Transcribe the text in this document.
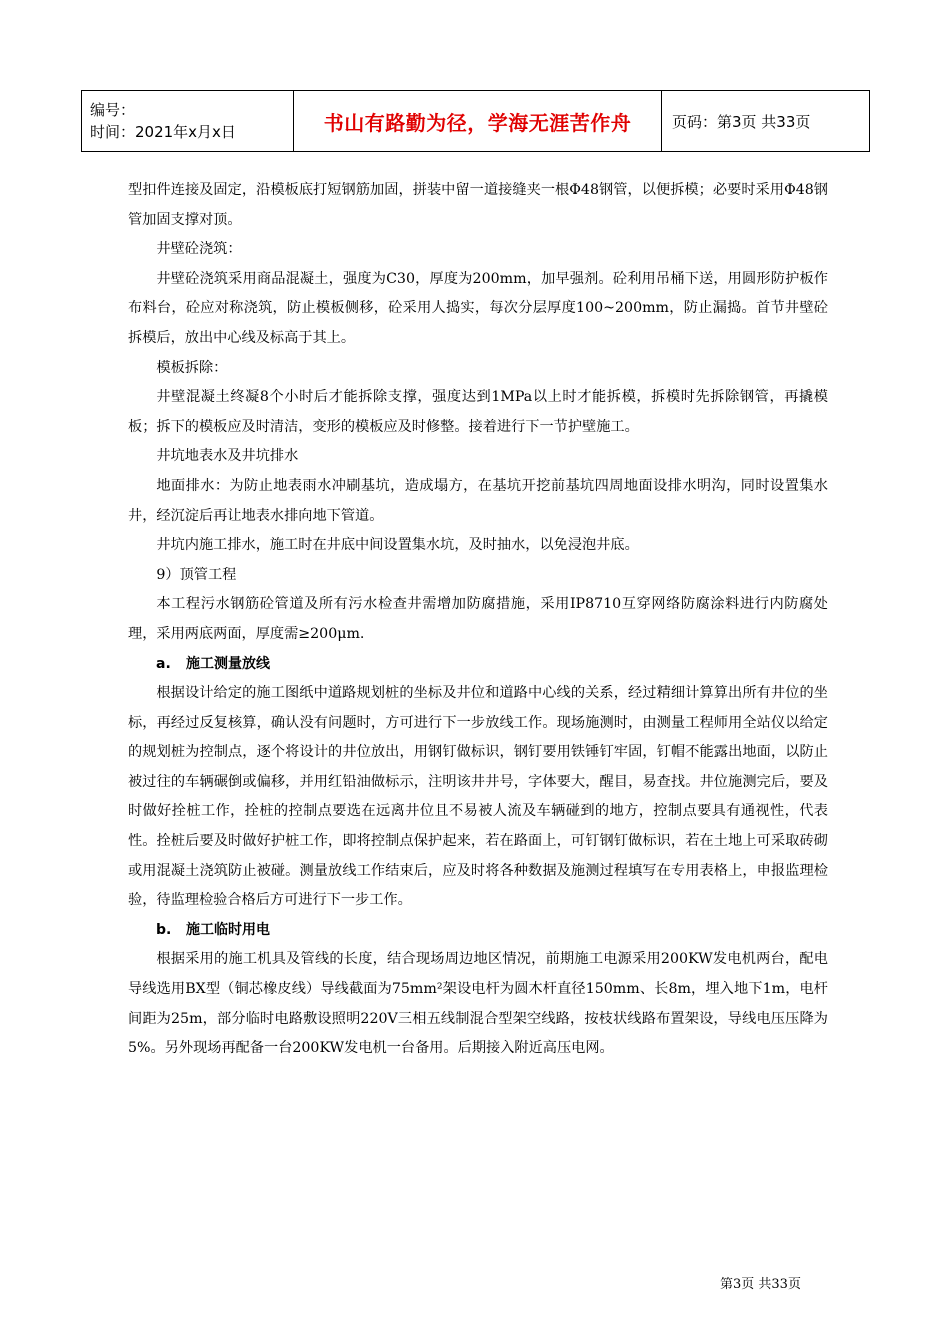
编号：
时间：2021年x月x日	书山有路勤为径，学海无涯苦作舟	页码：第3页 共33页

型扣件连接及固定，沿模板底打短钢筋加固，拼装中留一道接缝夹一根Φ48钢管，以便拆模；必要时采用Φ48钢管加固支撑对顶。

井壁砼浇筑：

井壁砼浇筑采用商品混凝土，强度为C30，厚度为200mm，加早强剂。砼利用吊桶下送，用圆形防护板作布料台，砼应对称浇筑，防止模板侧移，砼采用人捣实，每次分层厚度100~200mm，防止漏捣。首节井壁砼拆模后，放出中心线及标高于其上。

模板拆除：

井壁混凝土终凝8个小时后才能拆除支撑，强度达到1MPa以上时才能拆模，拆模时先拆除钢管，再撬模板；拆下的模板应及时清洁，变形的模板应及时修整。接着进行下一节护壁施工。

井坑地表水及井坑排水

地面排水：为防止地表雨水冲刷基坑，造成塌方，在基坑开挖前基坑四周地面设排水明沟，同时设置集水井，经沉淀后再让地表水排向地下管道。

井坑内施工排水，施工时在井底中间设置集水坑，及时抽水，以免浸泡井底。

9）顶管工程

本工程污水钢筋砼管道及所有污水检查井需增加防腐措施，采用IP8710互穿网络防腐涂料进行内防腐处理，采用两底两面，厚度需≥200μm.

a. 施工测量放线

根据设计给定的施工图纸中道路规划桩的坐标及井位和道路中心线的关系，经过精细计算算出所有井位的坐标，再经过反复核算，确认没有问题时，方可进行下一步放线工作。现场施测时，由测量工程师用全站仪以给定的规划桩为控制点，逐个将设计的井位放出，用钢钉做标识，钢钉要用铁锤钉牢固，钉帽不能露出地面，以防止被过往的车辆碾倒或偏移，并用红铅油做标示，注明该井井号，字体要大，醒目，易查找。井位施测完后，要及时做好拴桩工作，拴桩的控制点要选在远离井位且不易被人流及车辆碰到的地方，控制点要具有通视性，代表性。拴桩后要及时做好护桩工作，即将控制点保护起来，若在路面上，可钉钢钉做标识，若在土地上可采取砖砌或用混凝土浇筑防止被碰。测量放线工作结束后，应及时将各种数据及施测过程填写在专用表格上，申报监理检验，待监理检验合格后方可进行下一步工作。

b. 施工临时用电

根据采用的施工机具及管线的长度，结合现场周边地区情况，前期施工电源采用200KW发电机两台，配电导线选用BX型（铜芯橡皮线）导线截面为75mm²架设电杆为圆木杆直径150mm、长8m，埋入地下1m，电杆间距为25m，部分临时电路敷设照明220V三相五线制混合型架空线路，按枝状线路布置架设，导线电压压降为5%。另外现场再配备一台200KW发电机一台备用。后期接入附近高压电网。

第3页 共33页
